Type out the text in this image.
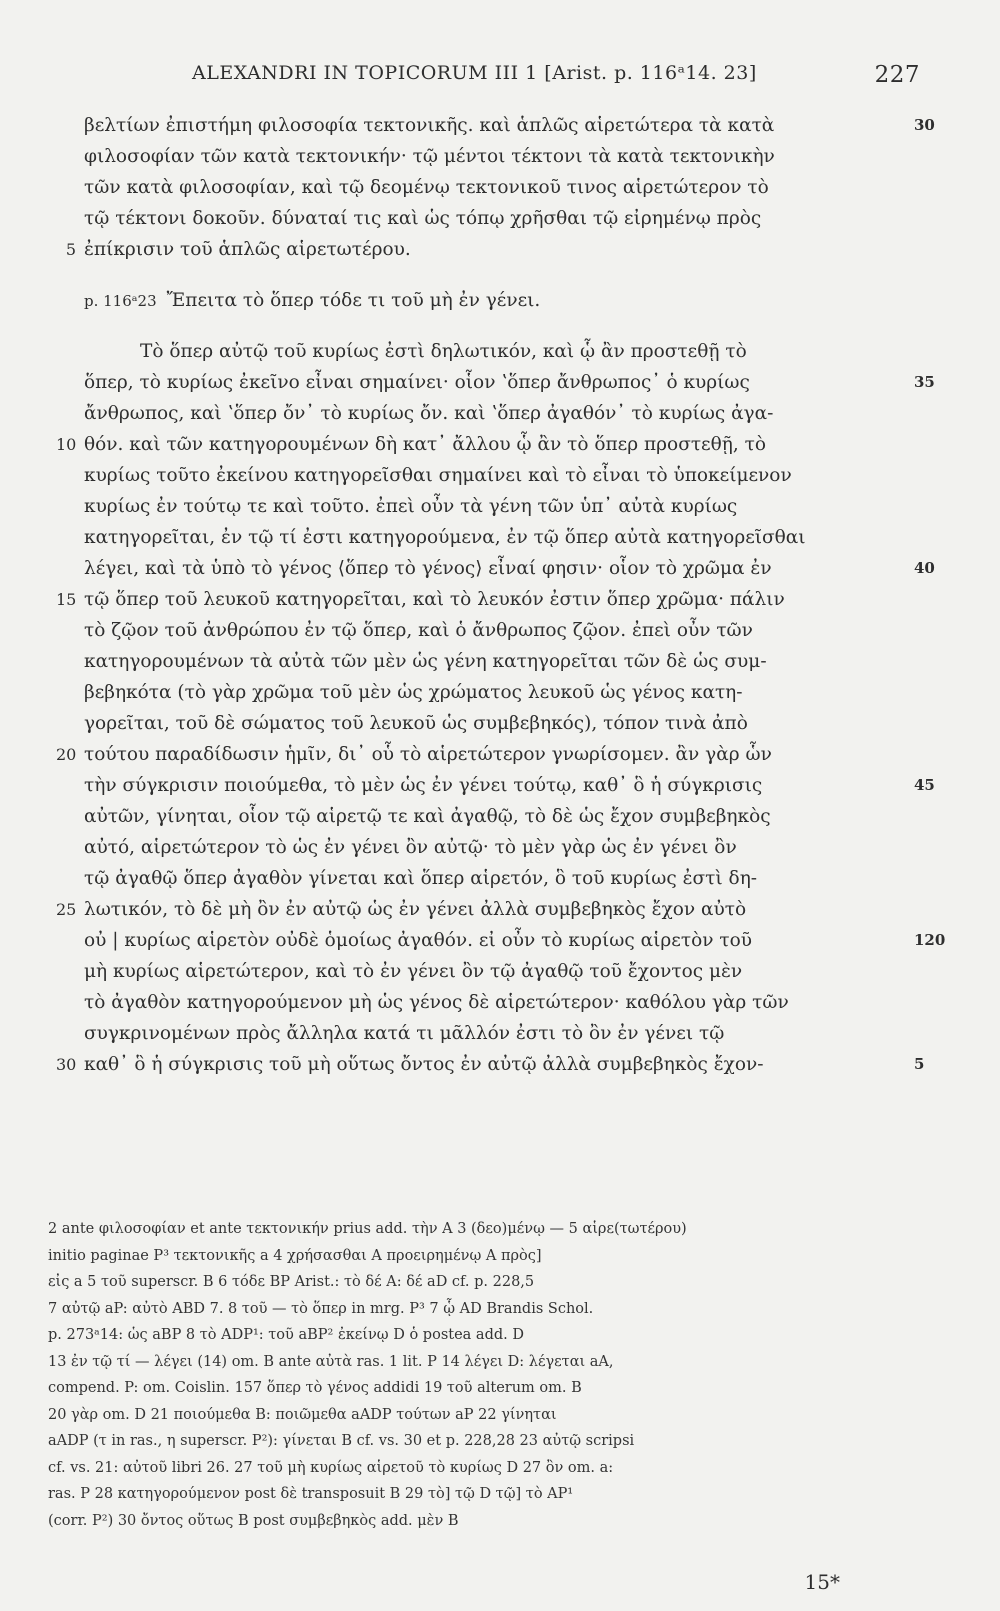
ALEXANDRI IN TOPICORUM III 1 [Arist. p. 116ᵃ14. 23]	227
βελτίων ἐπιστήμη φιλοσοφία τεκτονικῆς. καὶ ἁπλῶς αἱρετώτερα τὰ κατὰ	30
φιλοσοφίαν τῶν κατὰ τεκτονικήν· τῷ μέντοι τέκτονι τὰ κατὰ τεκτονικὴν
τῶν κατὰ φιλοσοφίαν, καὶ τῷ δεομένῳ τεκτονικοῦ τινος αἱρετώτερον τὸ
τῷ τέκτονι δοκοῦν. δύναταί τις καὶ ὡς τόπῳ χρῆσθαι τῷ εἰρημένῳ πρὸς
5 ἐπίκρισιν τοῦ ἁπλῶς αἱρετωτέρου.
p. 116ᵃ23 Ἔπειτα τὸ ὅπερ τόδε τι τοῦ μὴ ἐν γένει.
Τὸ ὅπερ αὐτῷ τοῦ κυρίως ἐστὶ δηλωτικόν, καὶ ᾧ ἂν προστεθῇ τὸ
ὅπερ, τὸ κυρίως ἐκεῖνο εἶναι σημαίνει· οἷον ʽὅπερ ἄνθρωπος᾿ ὁ κυρίως	35
ἄνθρωπος, καὶ ʽὅπερ ὄν᾿ τὸ κυρίως ὄν. καὶ ʽὅπερ ἀγαθόν᾿ τὸ κυρίως ἀγα-
10 θόν. καὶ τῶν κατηγορουμένων δὴ κατ᾿ ἄλλου ᾧ ἂν τὸ ὅπερ προστεθῇ, τὸ
κυρίως τοῦτο ἐκείνου κατηγορεῖσθαι σημαίνει καὶ τὸ εἶναι τὸ ὑποκείμενον
κυρίως ἐν τούτῳ τε καὶ τοῦτο. ἐπεὶ οὖν τὰ γένη τῶν ὑπ᾿ αὐτὰ κυρίως
κατηγορεῖται, ἐν τῷ τί ἐστι κατηγορούμενα, ἐν τῷ ὅπερ αὐτὰ κατηγορεῖσθαι
λέγει, καὶ τὰ ὑπὸ τὸ γένος ⟨ὅπερ τὸ γένος⟩ εἶναί φησιν· οἷον τὸ χρῶμα ἐν	40
15 τῷ ὅπερ τοῦ λευκοῦ κατηγορεῖται, καὶ τὸ λευκόν ἐστιν ὅπερ χρῶμα· πάλιν
τὸ ζῷον τοῦ ἀνθρώπου ἐν τῷ ὅπερ, καὶ ὁ ἄνθρωπος ζῷον. ἐπεὶ οὖν τῶν
κατηγορουμένων τὰ αὐτὰ τῶν μὲν ὡς γένη κατηγορεῖται τῶν δὲ ὡς συμ-
βεβηκότα (τὸ γὰρ χρῶμα τοῦ μὲν ὡς χρώματος λευκοῦ ὡς γένος κατη-
γορεῖται, τοῦ δὲ σώματος τοῦ λευκοῦ ὡς συμβεβηκός), τόπον τινὰ ἀπὸ
20 τούτου παραδίδωσιν ἡμῖν, δι᾿ οὗ τὸ αἱρετώτερον γνωρίσομεν. ἂν γὰρ ὧν
τὴν σύγκρισιν ποιούμεθα, τὸ μὲν ὡς ἐν γένει τούτῳ, καθ᾿ ὃ ἡ σύγκρισις	45
αὐτῶν, γίνηται, οἷον τῷ αἱρετῷ τε καὶ ἀγαθῷ, τὸ δὲ ὡς ἔχον συμβεβηκὸς
αὐτό, αἱρετώτερον τὸ ὡς ἐν γένει ὂν αὐτῷ· τὸ μὲν γὰρ ὡς ἐν γένει ὂν
τῷ ἀγαθῷ ὅπερ ἀγαθὸν γίνεται καὶ ὅπερ αἱρετόν, ὃ τοῦ κυρίως ἐστὶ δη-
25 λωτικόν, τὸ δὲ μὴ ὂν ἐν αὐτῷ ὡς ἐν γένει ἀλλὰ συμβεβηκὸς ἔχον αὐτὸ
οὐ | κυρίως αἱρετὸν οὐδὲ ὁμοίως ἀγαθόν. εἰ οὖν τὸ κυρίως αἱρετὸν τοῦ	120
μὴ κυρίως αἱρετώτερον, καὶ τὸ ἐν γένει ὂν τῷ ἀγαθῷ τοῦ ἔχοντος μὲν
τὸ ἀγαθὸν κατηγορούμενον μὴ ὡς γένος δὲ αἱρετώτερον· καθόλου γὰρ τῶν
συγκρινομένων πρὸς ἄλληλα κατά τι μᾶλλόν ἐστι τὸ ὂν ἐν γένει τῷ
30 καθ᾿ ὃ ἡ σύγκρισις τοῦ μὴ οὕτως ὄντος ἐν αὐτῷ ἀλλὰ συμβεβηκὸς ἔχον-	5
2 ante φιλοσοφίαν et ante τεκτονικήν prius add. τὴν A 3 (δεο)μένῳ — 5 αἱρε(τωτέρου)
initio paginae P³ τεκτονικῆς a 4 χρήσασθαι A προειρημένῳ A πρὸς]
εἰς a 5 τοῦ superscr. B 6 τόδε BP Arist.: τὸ δέ A: δέ aD cf. p. 228,5
7 αὐτῷ aP: αὐτὸ ABD 7. 8 τοῦ — τὸ ὅπερ in mrg. P³ 7 ᾧ AD Brandis Schol.
p. 273ᵃ14: ὡς aBP 8 τὸ ADP¹: τοῦ aBP² ἐκείνῳ D ὁ postea add. D
13 ἐν τῷ τί — λέγει (14) om. B ante αὐτὰ ras. 1 lit. P 14 λέγει D: λέγεται aA,
compend. P: om. Coislin. 157 ὅπερ τὸ γένος addidi 19 τοῦ alterum om. B
20 γὰρ om. D 21 ποιούμεθα B: ποιῶμεθα aADP τούτων aP 22 γίνηται
aADP (τ in ras., η superscr. P²): γίνεται B cf. vs. 30 et p. 228,28 23 αὐτῷ scripsi
cf. vs. 21: αὐτοῦ libri 26. 27 τοῦ μὴ κυρίως αἱρετοῦ τὸ κυρίως D 27 ὂν om. a:
ras. P 28 κατηγορούμενον post δὲ transposuit B 29 τὸ] τῷ D τῷ] τὸ AP¹
(corr. P²) 30 ὄντος οὕτως B post συμβεβηκὸς add. μὲν B
15*
